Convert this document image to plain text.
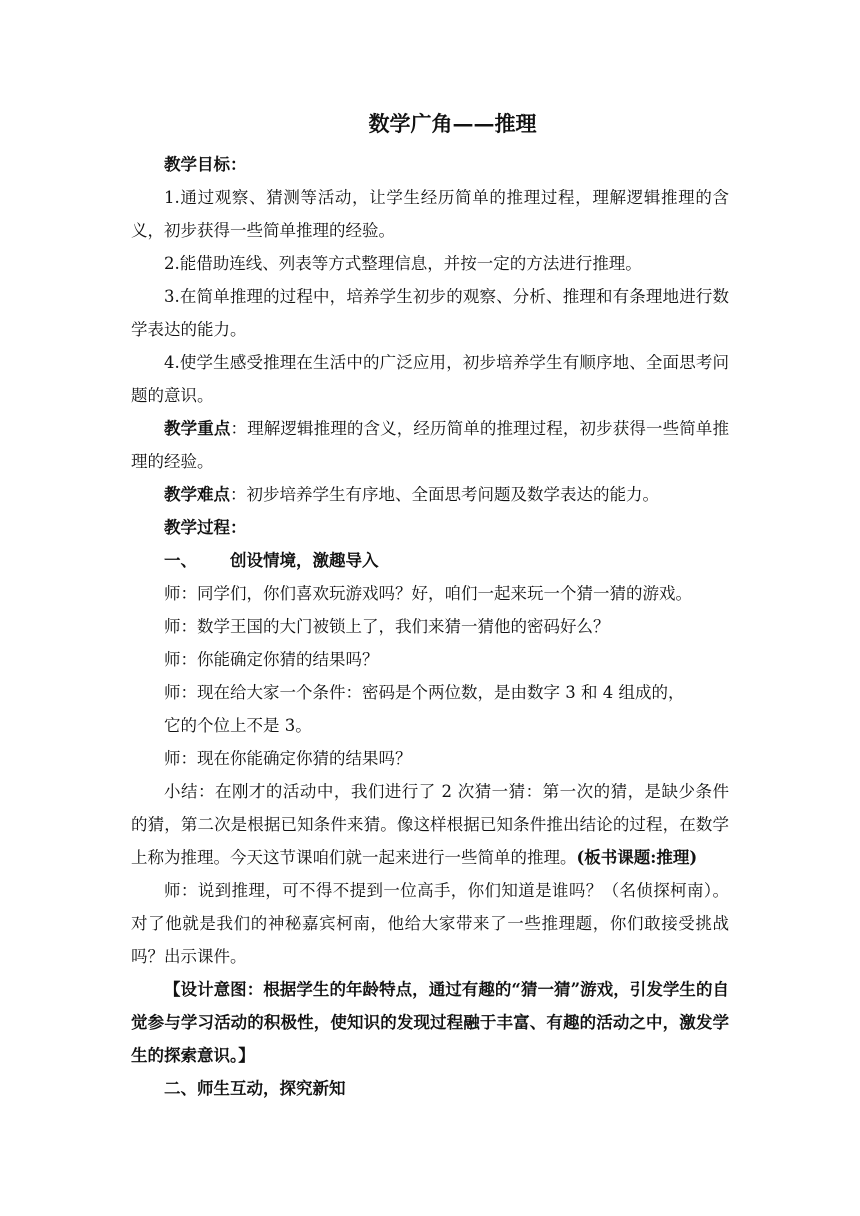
数学广角——推理

教学目标：

1.通过观察、猜测等活动，让学生经历简单的推理过程，理解逻辑推理的含义，初步获得一些简单推理的经验。

2.能借助连线、列表等方式整理信息，并按一定的方法进行推理。

3.在简单推理的过程中，培养学生初步的观察、分析、推理和有条理地进行数学表达的能力。

4.使学生感受推理在生活中的广泛应用，初步培养学生有顺序地、全面思考问题的意识。

教学重点：理解逻辑推理的含义，经历简单的推理过程，初步获得一些简单推理的经验。

教学难点：初步培养学生有序地、全面思考问题及数学表达的能力。

教学过程：

一、 创设情境，激趣导入

师：同学们，你们喜欢玩游戏吗？好，咱们一起来玩一个猜一猜的游戏。

师：数学王国的大门被锁上了，我们来猜一猜他的密码好么？

师：你能确定你猜的结果吗？

师：现在给大家一个条件：密码是个两位数，是由数字 3 和 4 组成的，

它的个位上不是 3。

师：现在你能确定你猜的结果吗？

小结：在刚才的活动中，我们进行了 2 次猜一猜：第一次的猜，是缺少条件的猜，第二次是根据已知条件来猜。像这样根据已知条件推出结论的过程，在数学上称为推理。今天这节课咱们就一起来进行一些简单的推理。(板书课题:推理)

师：说到推理，可不得不提到一位高手，你们知道是谁吗？（名侦探柯南）。对了他就是我们的神秘嘉宾柯南，他给大家带来了一些推理题，你们敢接受挑战吗？出示课件。

【设计意图：根据学生的年龄特点，通过有趣的“猜一猜”游戏，引发学生的自觉参与学习活动的积极性，使知识的发现过程融于丰富、有趣的活动之中，激发学生的探索意识。】

二、师生互动，探究新知
